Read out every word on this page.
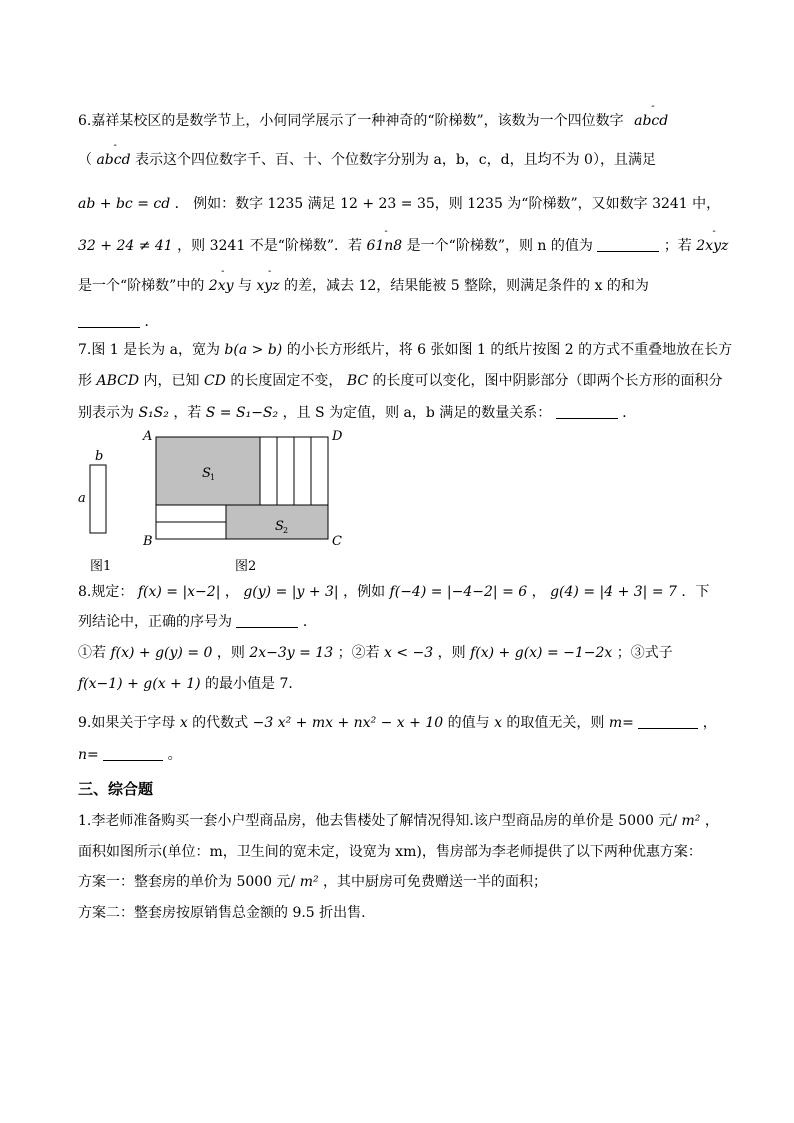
6.嘉祥某校区的是数学节上，小何同学展示了一种神奇的“阶梯数”，该数为一个四位数字 - abcd
（ - abcd 表示这个四位数字千、百、十、个位数字分别为 a，b，c，d，且均不为 0），且满足
ab + bc = cd ． 例如：数字 1235 满足 12 + 23 = 35，则 1235 为“阶梯数”，又如数字 3241 中，
32 + 24 ≠ 41 ，则 3241 不是“阶梯数”．若 - 61n8 是一个“阶梯数”，则 n 的值为	；若 - 2xyz
是一个“阶梯数”中的 - 2xy 与 - xyz 的差，减去 12，结果能被 5 整除，则满足条件的 x 的和为
．
7.图 1 是长为 a，宽为 b(a > b) 的小长方形纸片，将 6 张如图 1 的纸片按图 2 的方式不重叠地放在长方
形 ABCD 内，已知 CD 的长度固定不变， BC 的长度可以变化，图中阴影部分（即两个长方形的面积分
别表示为 S₁S₂ ，若 S = S₁−S₂ ，且 S 为定值，则 a，b 满足的数量关系：	．
b
a
图1
A	D
B	C
S 1
S 2
图2
8.规定： f(x) = |x−2| ， g(y) = |y + 3| ，例如 f(−4) = |−4−2| = 6 ， g(4) = |4 + 3| = 7 ．下
列结论中，正确的序号为	．
①若 f(x) + g(y) = 0 ，则 2x−3y = 13 ；②若 x < −3 ，则 f(x) + g(x) = −1−2x ；③式子
f(x−1) + g(x + 1) 的最小值是 7．
9.如果关于字母 x 的代数式 −3 x² + mx + nx² − x + 10 的值与 x 的取值无关，则 m=	，
n=	。
三、综合题
1.李老师准备购买一套小户型商品房，他去售楼处了解情况得知.该户型商品房的单价是 5000 元/ m² ，
面积如图所示(单位：m，卫生间的宽未定，设宽为 xm)，售房部为李老师提供了以下两种优惠方案：
方案一：整套房的单价为 5000 元/ m² ，其中厨房可免费赠送一半的面积；
方案二：整套房按原销售总金额的 9.5 折出售.
